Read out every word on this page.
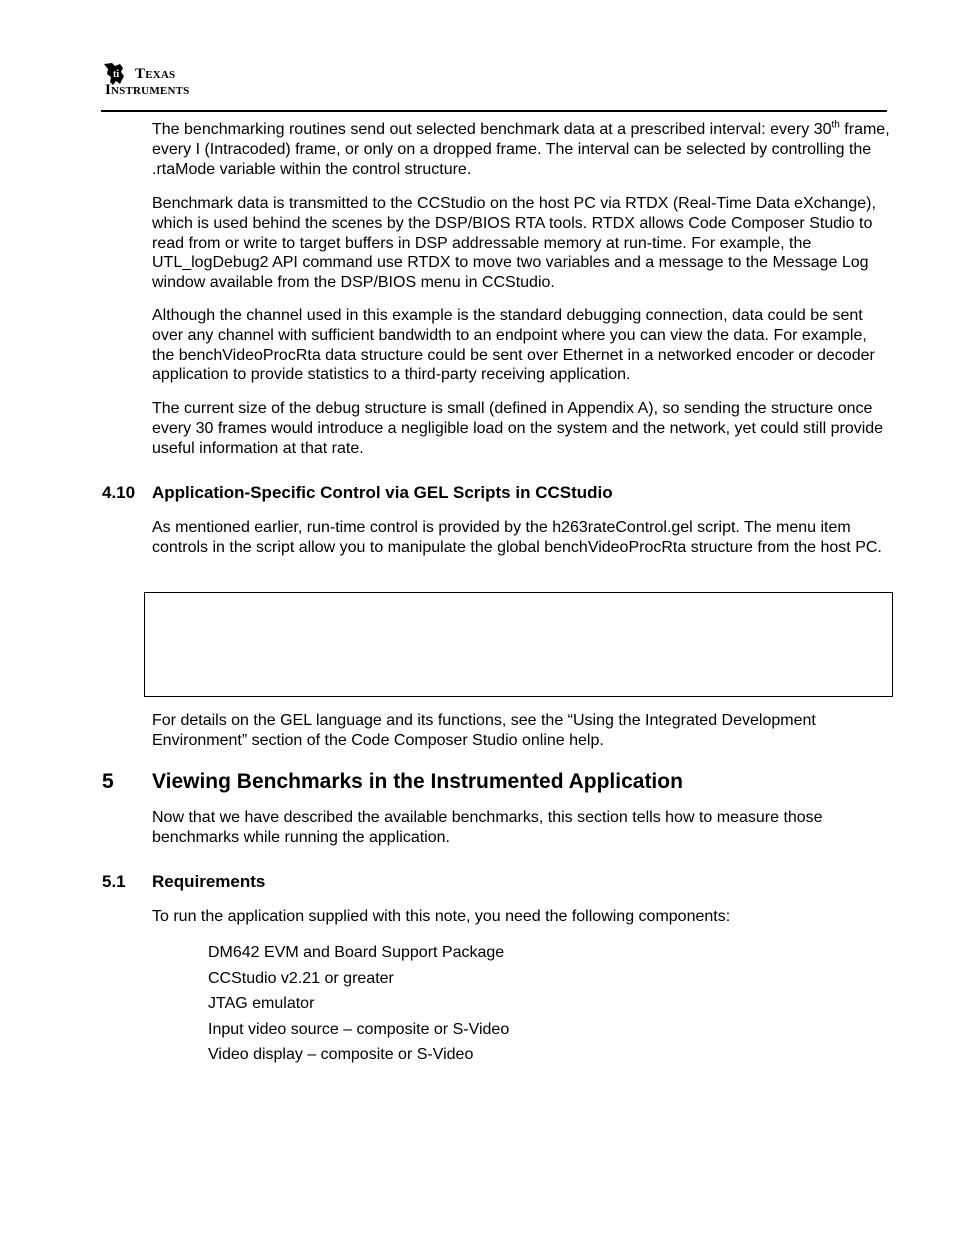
ti	Texas
Instruments

The benchmarking routines send out selected benchmark data at a prescribed interval: every 30th frame, every I (Intracoded) frame, or only on a dropped frame. The interval can be selected by controlling the .rtaMode variable within the control structure.

Benchmark data is transmitted to the CCStudio on the host PC via RTDX (Real-Time Data eXchange), which is used behind the scenes by the DSP/BIOS RTA tools. RTDX allows Code Composer Studio to read from or write to target buffers in DSP addressable memory at run-time. For example, the UTL_logDebug2 API command use RTDX to move two variables and a message to the Message Log window available from the DSP/BIOS menu in CCStudio.

Although the channel used in this example is the standard debugging connection, data could be sent over any channel with sufficient bandwidth to an endpoint where you can view the data. For example, the benchVideoProcRta data structure could be sent over Ethernet in a networked encoder or decoder application to provide statistics to a third-party receiving application.

The current size of the debug structure is small (defined in Appendix A), so sending the structure once every 30 frames would introduce a negligible load on the system and the network, yet could still provide useful information at that rate.

4.10 Application-Specific Control via GEL Scripts in CCStudio

As mentioned earlier, run-time control is provided by the h263rateControl.gel script. The menu item controls in the script allow you to manipulate the global benchVideoProcRta structure from the host PC.

For details on the GEL language and its functions, see the “Using the Integrated Development Environment” section of the Code Composer Studio online help.

5 Viewing Benchmarks in the Instrumented Application

Now that we have described the available benchmarks, this section tells how to measure those benchmarks while running the application.

5.1 Requirements

To run the application supplied with this note, you need the following components:

DM642 EVM and Board Support Package
CCStudio v2.21 or greater
JTAG emulator
Input video source – composite or S-Video
Video display – composite or S-Video
